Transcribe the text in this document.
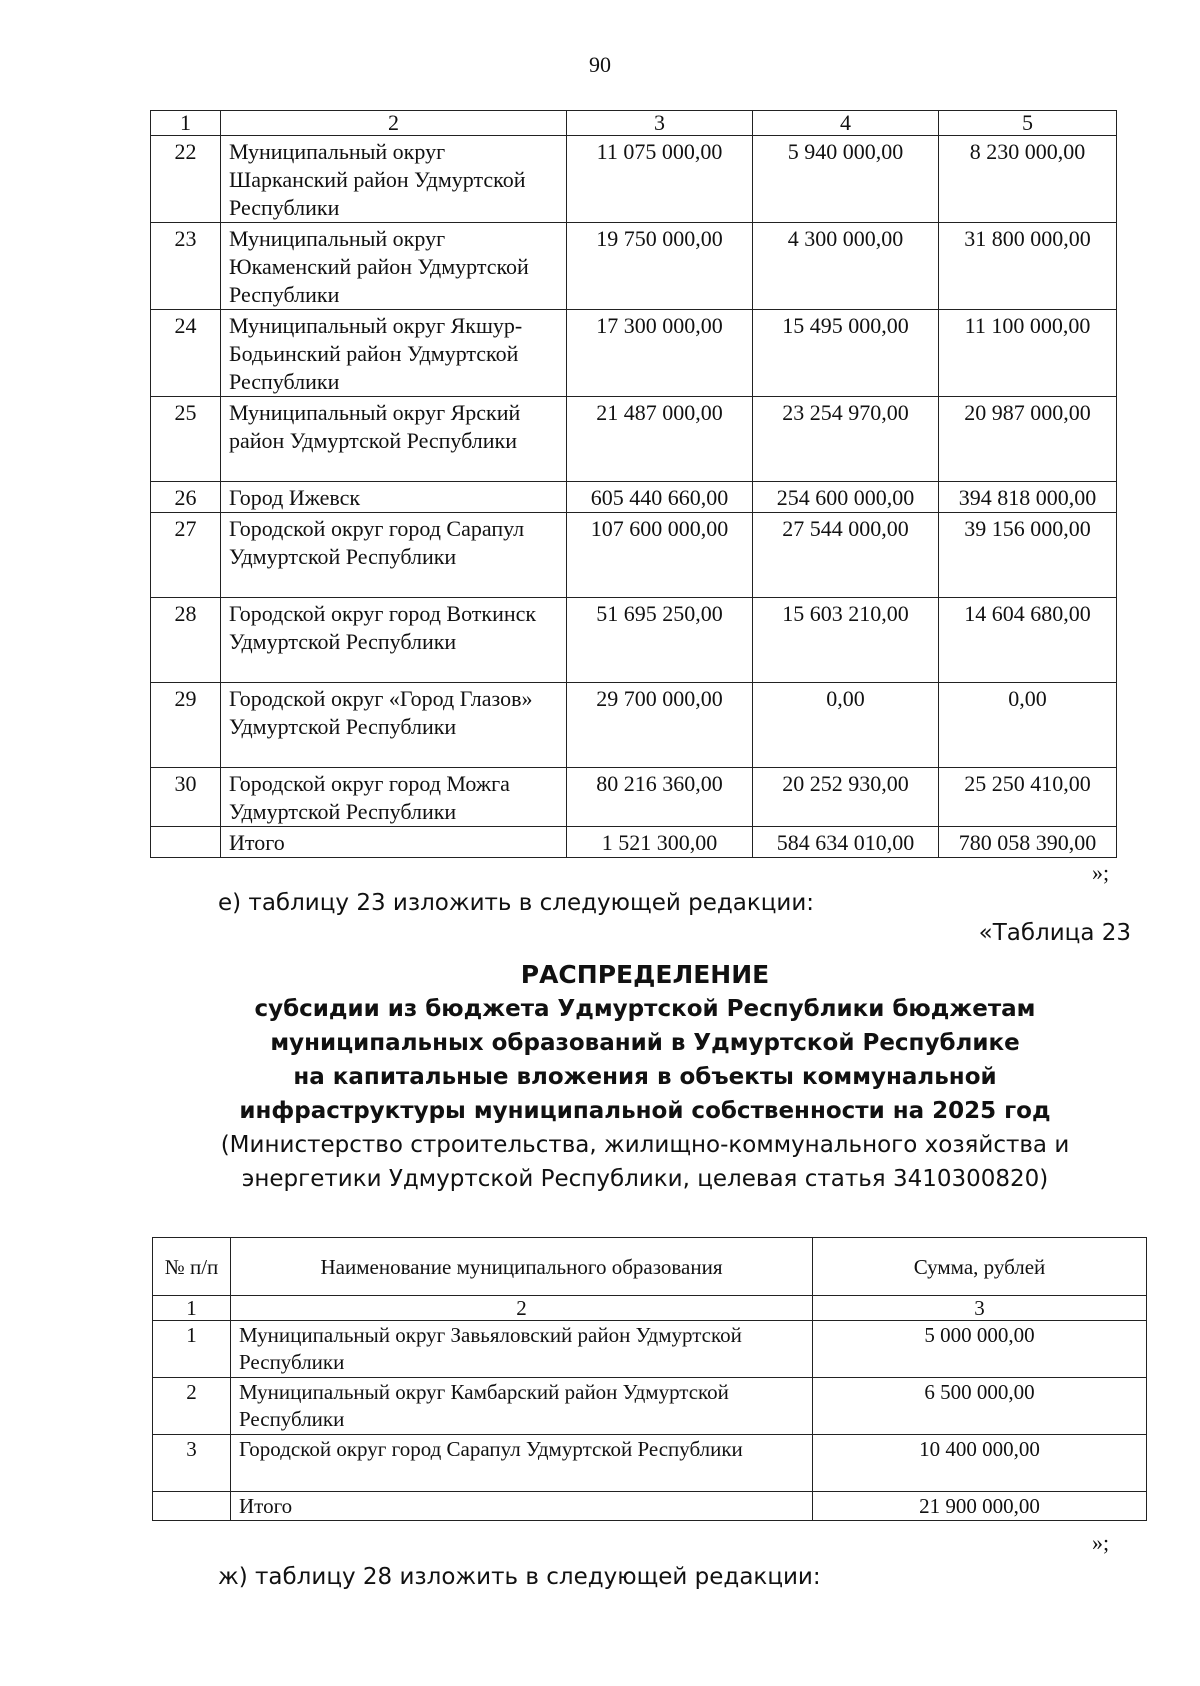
90
1	2	3	4	5
22	Муниципальный округ Шарканский район Удмуртской Республики	11 075 000,00	5 940 000,00	8 230 000,00
23	Муниципальный округ Юкаменский район Удмуртской Республики	19 750 000,00	4 300 000,00	31 800 000,00
24	Муниципальный округ Якшур-Бодьинский район Удмуртской Республики	17 300 000,00	15 495 000,00	11 100 000,00
25	Муниципальный округ Ярский район Удмуртской Республики	21 487 000,00	23 254 970,00	20 987 000,00
26	Город Ижевск	605 440 660,00	254 600 000,00	394 818 000,00
27	Городской округ город Сарапул Удмуртской Республики	107 600 000,00	27 544 000,00	39 156 000,00
28	Городской округ город Воткинск Удмуртской Республики	51 695 250,00	15 603 210,00	14 604 680,00
29	Городской округ «Город Глазов» Удмуртской Республики	29 700 000,00	0,00	0,00
30	Городской округ город Можга Удмуртской Республики	80 216 360,00	20 252 930,00	25 250 410,00
	Итого	1 521 300,00	584 634 010,00	780 058 390,00
»;
е) таблицу 23 изложить в следующей редакции:
«Таблица 23
РАСПРЕДЕЛЕНИЕ
субсидии из бюджета Удмуртской Республики бюджетам
муниципальных образований в Удмуртской Республике
на капитальные вложения в объекты коммунальной
инфраструктуры муниципальной собственности на 2025 год
(Министерство строительства, жилищно-коммунального хозяйства и
энергетики Удмуртской Республики, целевая статья 3410300820)
№ п/п	Наименование муниципального образования	Сумма, рублей
1	2	3
1	Муниципальный округ Завьяловский район Удмуртской Республики	5 000 000,00
2	Муниципальный округ Камбарский район Удмуртской Республики	6 500 000,00
3	Городской округ город Сарапул Удмуртской Республики	10 400 000,00
	Итого	21 900 000,00
»;
ж) таблицу 28 изложить в следующей редакции:
